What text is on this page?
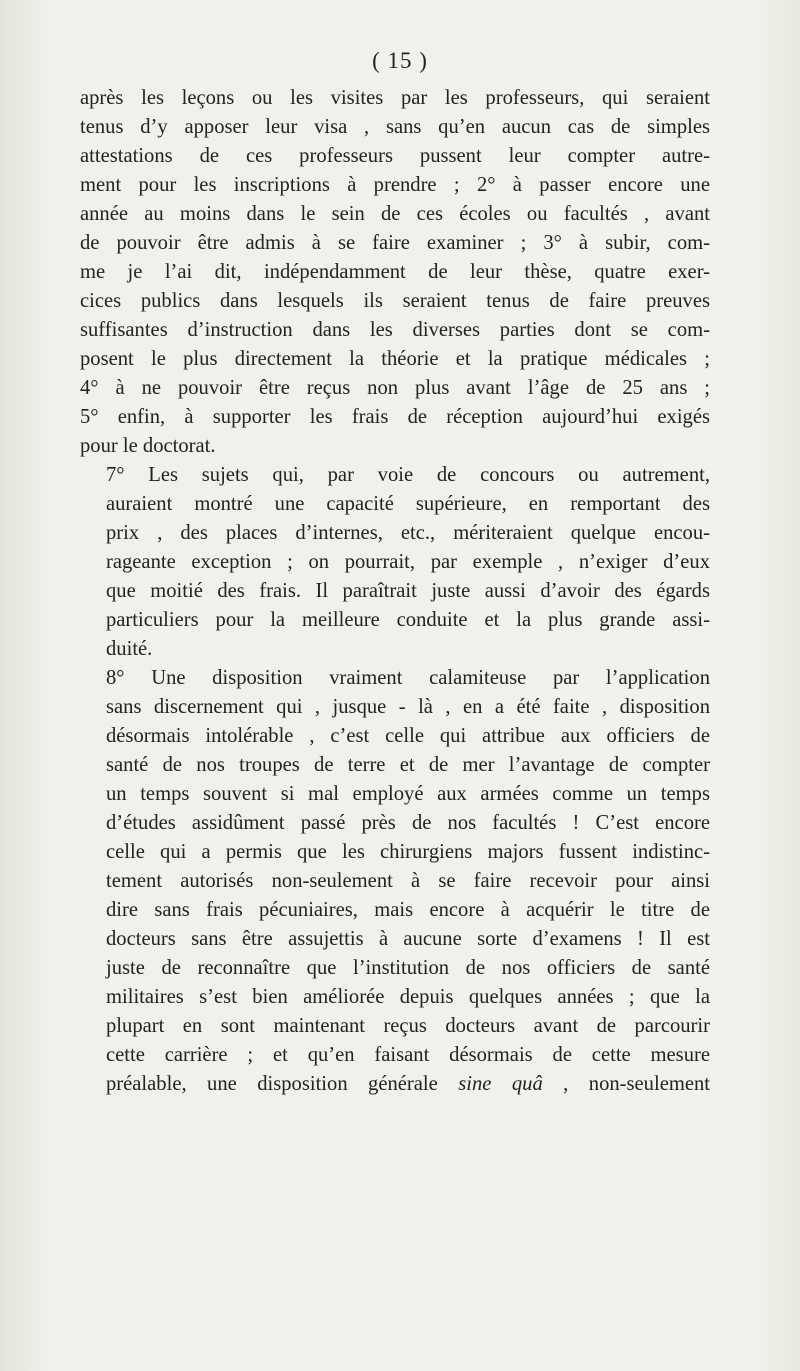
( 15 )

après les leçons ou les visites par les professeurs, qui seraient
tenus d’y apposer leur visa , sans qu’en aucun cas de simples
attestations de ces professeurs pussent leur compter autre-
ment pour les inscriptions à prendre ; 2° à passer encore une
année au moins dans le sein de ces écoles ou facultés , avant
de pouvoir être admis à se faire examiner ; 3° à subir, com-
me je l’ai dit, indépendamment de leur thèse, quatre exer-
cices publics dans lesquels ils seraient tenus de faire preuves
suffisantes d’instruction dans les diverses parties dont se com-
posent le plus directement la théorie et la pratique médicales ;
4° à ne pouvoir être reçus non plus avant l’âge de 25 ans ;
5° enfin, à supporter les frais de réception aujourd’hui exigés
pour le doctorat.

7° Les sujets qui, par voie de concours ou autrement,
auraient montré une capacité supérieure, en remportant des
prix , des places d’internes, etc., mériteraient quelque encou-
rageante exception ; on pourrait, par exemple , n’exiger d’eux
que moitié des frais. Il paraîtrait juste aussi d’avoir des égards
particuliers pour la meilleure conduite et la plus grande assi-
duité.

8° Une disposition vraiment calamiteuse par l’application
sans discernement qui , jusque - là , en a été faite , disposition
désormais intolérable , c’est celle qui attribue aux officiers de
santé de nos troupes de terre et de mer l’avantage de compter
un temps souvent si mal employé aux armées comme un temps
d’études assidûment passé près de nos facultés ! C’est encore
celle qui a permis que les chirurgiens majors fussent indistinc-
tement autorisés non-seulement à se faire recevoir pour ainsi
dire sans frais pécuniaires, mais encore à acquérir le titre de
docteurs sans être assujettis à aucune sorte d’examens ! Il est
juste de reconnaître que l’institution de nos officiers de santé
militaires s’est bien améliorée depuis quelques années ; que la
plupart en sont maintenant reçus docteurs avant de parcourir
cette carrière ; et qu’en faisant désormais de cette mesure
préalable, une disposition générale sine quâ , non-seulement
